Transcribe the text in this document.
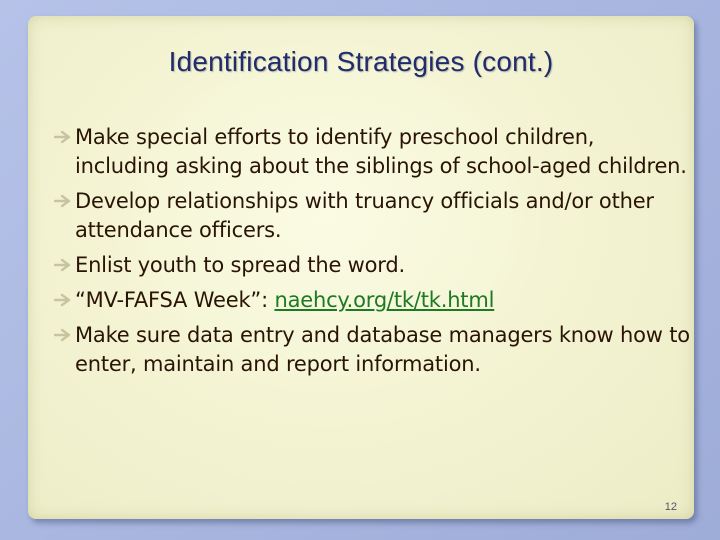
Identification Strategies (cont.)
Make special efforts to identify preschool children, including asking about the siblings of school-aged children.
Develop relationships with truancy officials and/or other attendance officers.
Enlist youth to spread the word.
“MV-FAFSA Week”: naehcy.org/tk/tk.html
Make sure data entry and database managers know how to enter, maintain and report information.
12
